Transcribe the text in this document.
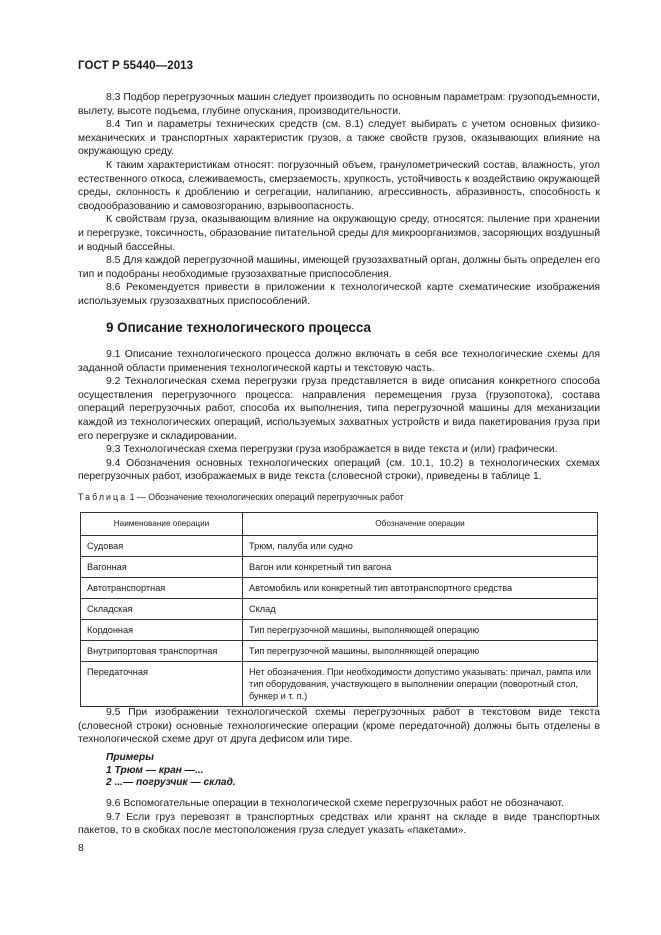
ГОСТ Р 55440—2013

8.3 Подбор перегрузочных машин следует производить по основным параметрам: грузоподъемности, вылету, высоте подъема, глубине опускания, производительности.

8.4 Тип и параметры технических средств (см. 8.1) следует выбирать с учетом основных физико-механических и транспортных характеристик грузов, а также свойств грузов, оказывающих влияние на окружающую среду.

К таким характеристикам относят: погрузочный объем, гранулометрический состав, влажность, угол естественного откоса, слеживаемость, смерзаемость, хрупкость, устойчивость к воздействию окружающей среды, склонность к дроблению и сегрегации, налипанию, агрессивность, абразивность, способность к сводообразованию и самовозгоранию, взрывоопасность.

К свойствам груза, оказывающим влияние на окружающую среду, относятся: пыление при хранении и перегрузке, токсичность, образование питательной среды для микроорганизмов, засоряющих воздушный и водный бассейны.

8.5 Для каждой перегрузочной машины, имеющей грузозахватный орган, должны быть определен его тип и подобраны необходимые грузозахватные приспособления.

8.6 Рекомендуется привести в приложении к технологической карте схематические изображения используемых грузозахватных приспособлений.

9 Описание технологического процесса

9.1 Описание технологического процесса должно включать в себя все технологические схемы для заданной области применения технологической карты и текстовую часть.

9.2 Технологическая схема перегрузки груза представляется в виде описания конкретного способа осуществления перегрузочного процесса: направления перемещения груза (грузопотока), состава операций перегрузочных работ, способа их выполнения, типа перегрузочной машины для механизации каждой из технологических операций, используемых захватных устройств и вида пакетирования груза при его перегрузке и складировании.

9.3 Технологическая схема перегрузки груза изображается в виде текста и (или) графически.

9.4 Обозначения основных технологических операций (см. 10.1, 10.2) в технологических схемах перегрузочных работ, изображаемых в виде текста (словесной строки), приведены в таблице 1.

Таблица 1 — Обозначение технологических операций перегрузочных работ
Наименование операции	Обозначение операции
Судовая	Трюм, палуба или судно
Вагонная	Вагон или конкретный тип вагона
Автотранспортная	Автомобиль или конкретный тип автотранспортного средства
Складская	Склад
Кордонная	Тип перегрузочной машины, выполняющей операцию
Внутрипортовая транспортная	Тип перегрузочной машины, выполняющей операцию
Передаточная	Нет обозначения. При необходимости допустимо указывать: причал, рампа или тип оборудования, участвующего в выполнении операции (поворотный стол, бункер и т. п.)

9.5 При изображении технологической схемы перегрузочных работ в текстовом виде текста (словесной строки) основные технологические операции (кроме передаточной) должны быть отделены в технологической схеме друг от друга дефисом или тире.

Примеры
1 Трюм — кран —...
2 ...— погрузчик — склад.

9.6 Вспомогательные операции в технологической схеме перегрузочных работ не обозначают.

9.7 Если груз перевозят в транспортных средствах или хранят на складе в виде транспортных пакетов, то в скобках после местоположения груза следует указать «пакетами».

8
